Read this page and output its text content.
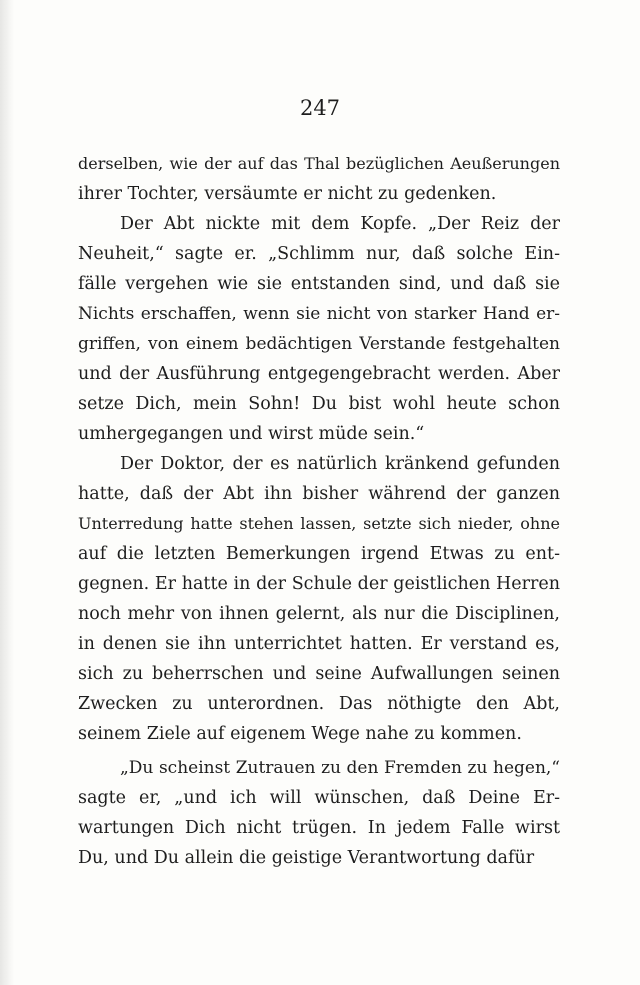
247
derselben, wie der auf das Thal bezüglichen Aeußerungen
ihrer Tochter, versäumte er nicht zu gedenken.
Der Abt nickte mit dem Kopfe. „Der Reiz der
Neuheit,“ sagte er. „Schlimm nur, daß solche Ein-
fälle vergehen wie sie entstanden sind, und daß sie
Nichts erschaffen, wenn sie nicht von starker Hand er-
griffen, von einem bedächtigen Verstande festgehalten
und der Ausführung entgegengebracht werden. Aber
setze Dich, mein Sohn! Du bist wohl heute schon
umhergegangen und wirst müde sein.“
Der Doktor, der es natürlich kränkend gefunden
hatte, daß der Abt ihn bisher während der ganzen
Unterredung hatte stehen lassen, setzte sich nieder, ohne
auf die letzten Bemerkungen irgend Etwas zu ent-
gegnen. Er hatte in der Schule der geistlichen Herren
noch mehr von ihnen gelernt, als nur die Disciplinen,
in denen sie ihn unterrichtet hatten. Er verstand es,
sich zu beherrschen und seine Aufwallungen seinen
Zwecken zu unterordnen. Das nöthigte den Abt,
seinem Ziele auf eigenem Wege nahe zu kommen.
„Du scheinst Zutrauen zu den Fremden zu hegen,“
sagte er, „und ich will wünschen, daß Deine Er-
wartungen Dich nicht trügen. In jedem Falle wirst
Du, und Du allein die geistige Verantwortung dafür
